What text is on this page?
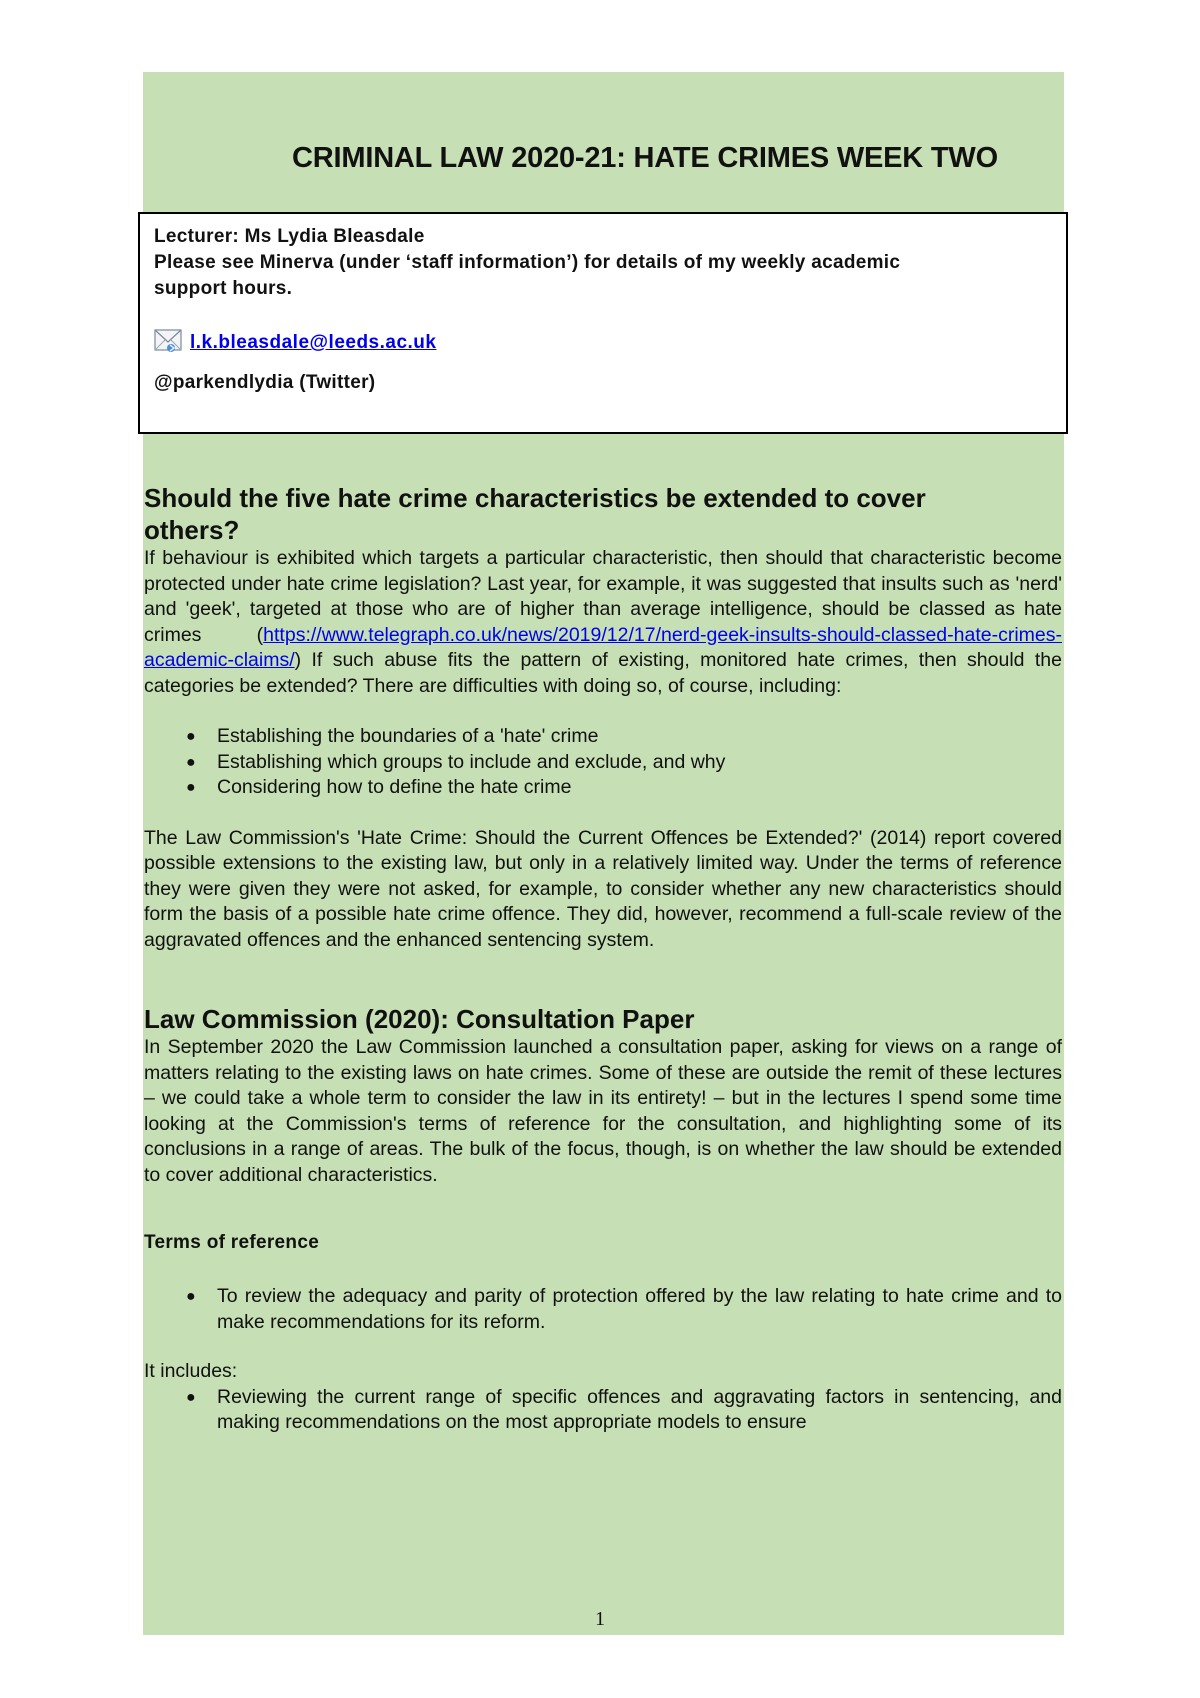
CRIMINAL LAW 2020-21: HATE CRIMES WEEK TWO
Lecturer: Ms Lydia Bleasdale
Please see Minerva (under ‘staff information’) for details of my weekly academic
support hours.
l.k.bleasdale@leeds.ac.uk
@parkendlydia (Twitter)
Should the five hate crime characteristics be extended to cover
others?

If behaviour is exhibited which targets a particular characteristic, then should that characteristic become protected under hate crime legislation? Last year, for example, it was suggested that insults such as 'nerd' and 'geek', targeted at those who are of higher than average intelligence, should be classed as hate crimes (https://www.telegraph.co.uk/news/2019/12/17/nerd-geek-insults-should-classed-hate-crimes-academic-claims/) If such abuse fits the pattern of existing, monitored hate crimes, then should the categories be extended? There are difficulties with doing so, of course, including:

● Establishing the boundaries of a 'hate' crime
● Establishing which groups to include and exclude, and why
● Considering how to define the hate crime

The Law Commission's 'Hate Crime: Should the Current Offences be Extended?' (2014) report covered possible extensions to the existing law, but only in a relatively limited way. Under the terms of reference they were given they were not asked, for example, to consider whether any new characteristics should form the basis of a possible hate crime offence. They did, however, recommend a full-scale review of the aggravated offences and the enhanced sentencing system.

Law Commission (2020): Consultation Paper

In September 2020 the Law Commission launched a consultation paper, asking for views on a range of matters relating to the existing laws on hate crimes. Some of these are outside the remit of these lectures – we could take a whole term to consider the law in its entirety! – but in the lectures I spend some time looking at the Commission's terms of reference for the consultation, and highlighting some of its conclusions in a range of areas. The bulk of the focus, though, is on whether the law should be extended to cover additional characteristics.

Terms of reference

● To review the adequacy and parity of protection offered by the law relating to hate crime and to make recommendations for its reform.

It includes:

● Reviewing the current range of specific offences and aggravating factors in sentencing, and making recommendations on the most appropriate models to ensure
1
